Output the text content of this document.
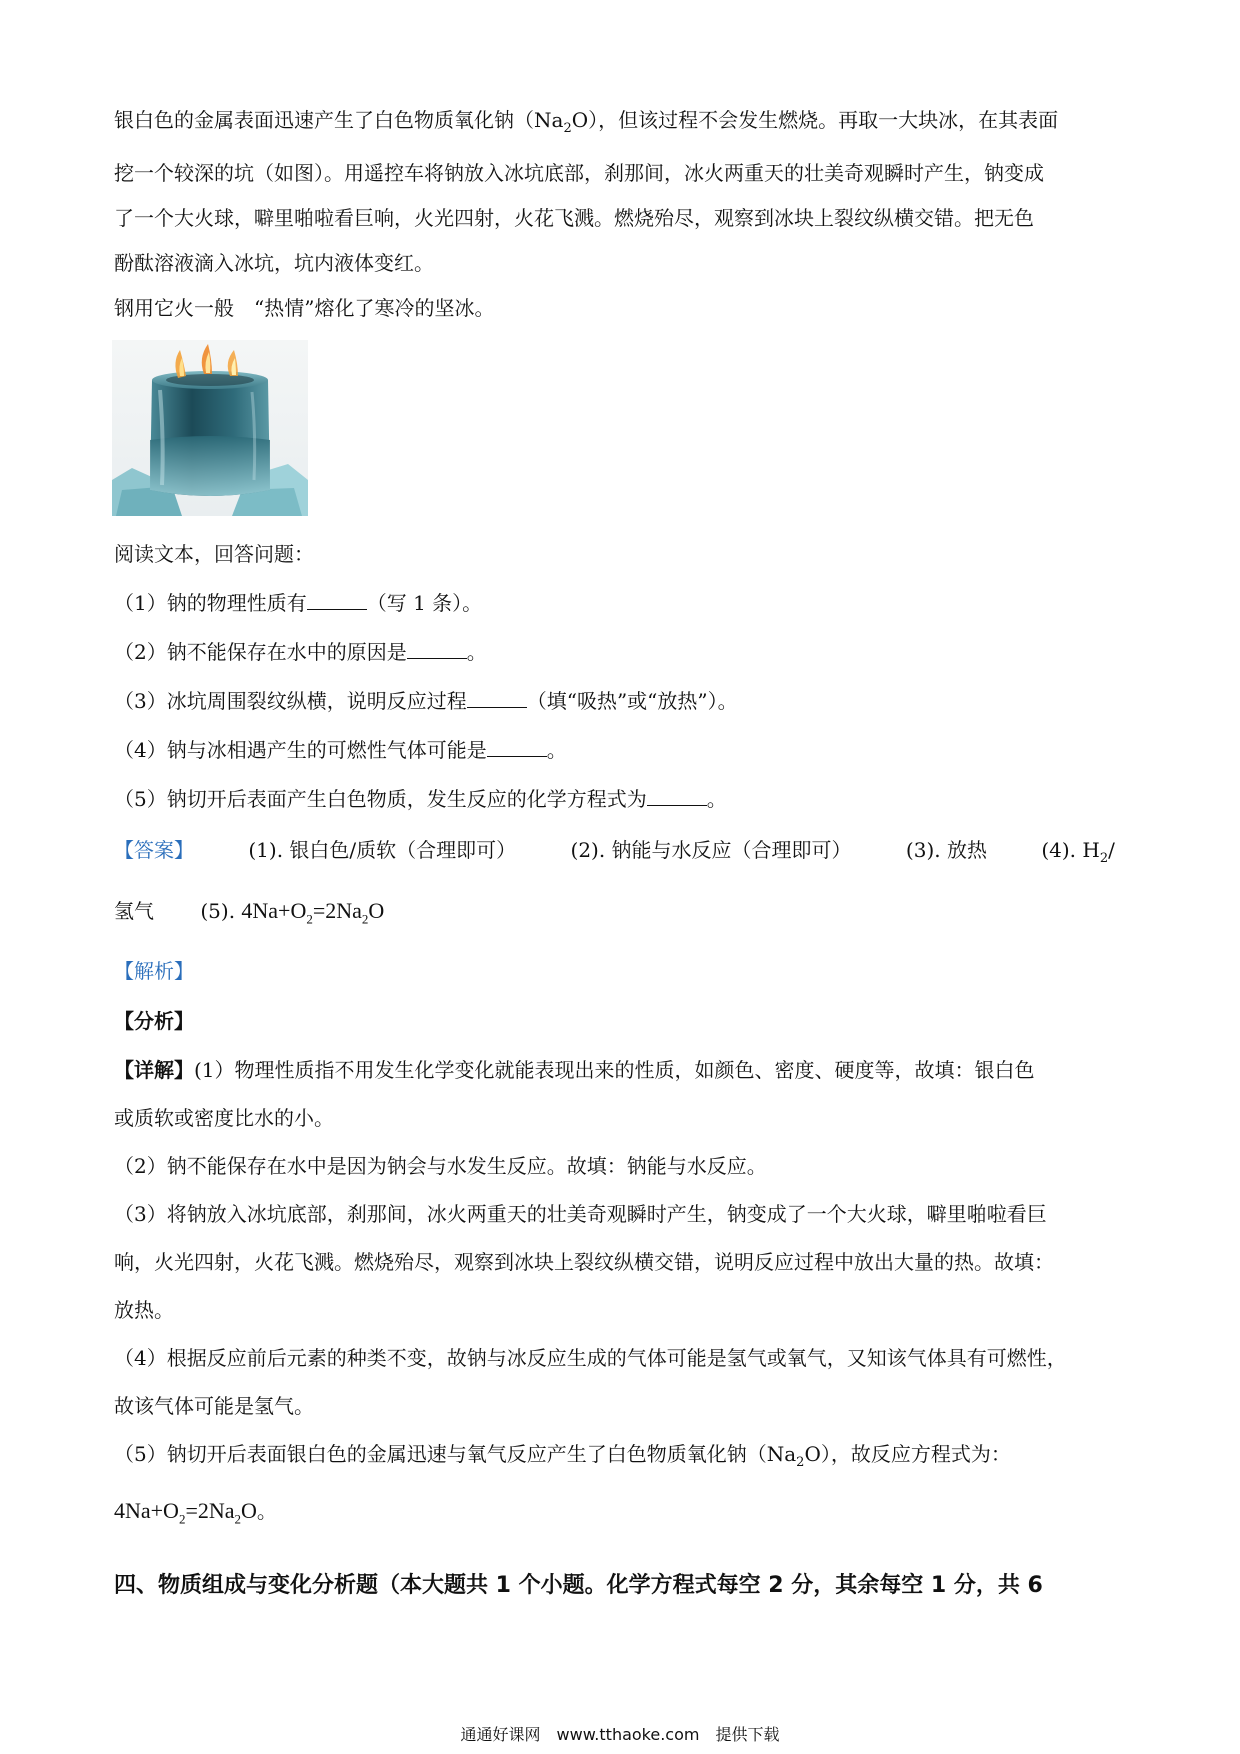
银白色的金属表面迅速产生了白色物质氧化钠$(Na_2O)$，但该过程不会发生燃烧。再取一大块冰，在其表面
挖一个较深的坑（如图）。用遥控车将钠放入冰坑底部，刹那间，冰火两重天的壮美奇观瞬时产生，钠变成
了一个大火球，噼里啪啦看巨响，火光四射，火花飞溅。燃烧殆尽，观察到冰块上裂纹纵横交错。把无色
酚酞溶液滴入冰坑，坑内液体变红。

钢用它火一般　“热情”熔化了寒冷的坚冰。

阅读文本，回答问题：

（1）钠的物理性质有	（写 1 条）。

（2）钠不能保存在水中的原因是	。

（3）冰坑周围裂纹纵横，说明反应过程	（填“吸热”或“放热”）。

（4）钠与冰相遇产生的可燃性气体可能是	。

（5）钠切开后表面产生白色物质，发生反应的化学方程式为	。

【答案】	(1). 银白色/质软（合理即可）	(2). 钠能与水反应（合理即可）	(3). 放热	(4). $H_2/$

氢气 (5). $4Na+O_2=2Na_2O$

【解析】

【分析】

【详解】(1）物理性质指不用发生化学变化就能表现出来的性质，如颜色、密度、硬度等，故填：银白色
或质软或密度比水的小。
（2）钠不能保存在水中是因为钠会与水发生反应。故填：钠能与水反应。
（3）将钠放入冰坑底部，刹那间，冰火两重天的壮美奇观瞬时产生，钠变成了一个大火球，噼里啪啦看巨
响，火光四射，火花飞溅。燃烧殆尽，观察到冰块上裂纹纵横交错，说明反应过程中放出大量的热。故填：
放热。
（4）根据反应前后元素的种类不变，故钠与冰反应生成的气体可能是氢气或氧气，又知该气体具有可燃性，
故该气体可能是氢气。
（5）钠切开后表面银白色的金属迅速与氧气反应产生了白色物质氧化钠$(Na_2O)$，故反应方程式为：
$4Na+O_2=2Na_2O$。

四、物质组成与变化分析题（本大题共 1 个小题。化学方程式每空 2 分，其余每空 1 分，共 6

通通好课网　www.tthaoke.com　提供下载
